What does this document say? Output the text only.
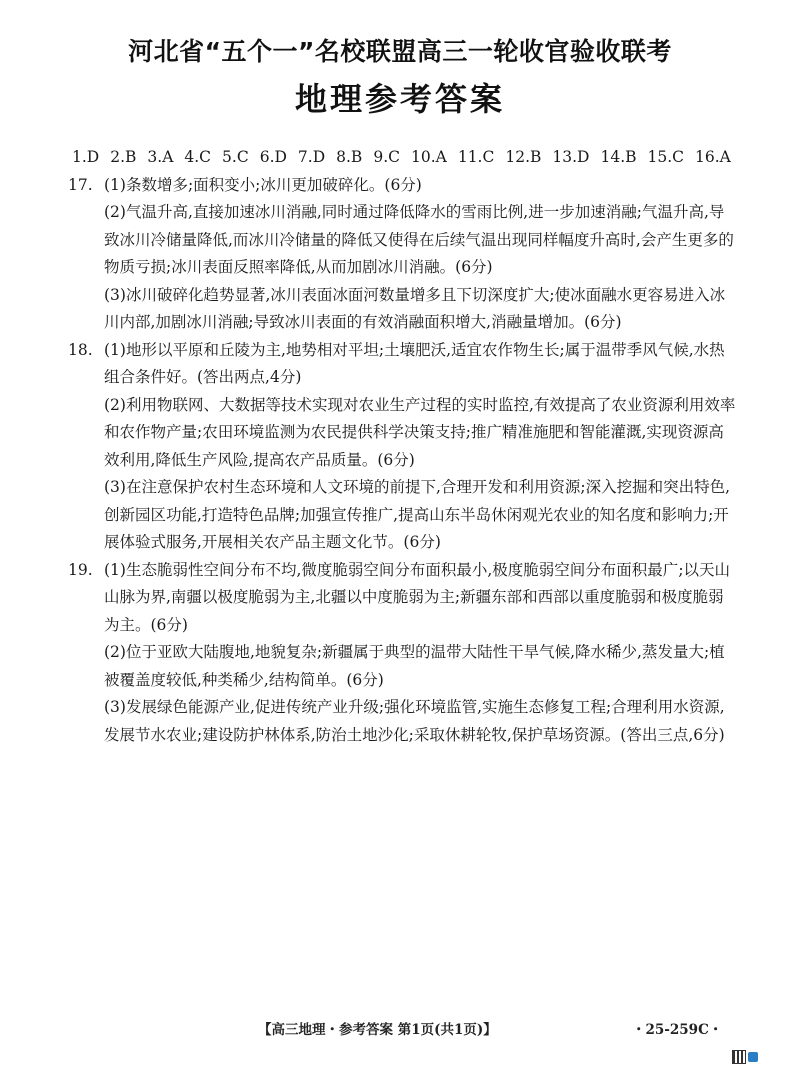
河北省“五个一”名校联盟高三一轮收官验收联考
地理参考答案
1.D 2.B 3.A 4.C 5.C 6.D 7.D 8.B 9.C 10.A 11.C 12.B 13.D 14.B 15.C 16.A
17. (1)条数增多;面积变小;冰川更加破碎化。(6分)
(2)气温升高,直接加速冰川消融,同时通过降低降水的雪雨比例,进一步加速消融;气温升高,导致冰川冷储量降低,而冰川冷储量的降低又使得在后续气温出现同样幅度升高时,会产生更多的物质亏损;冰川表面反照率降低,从而加剧冰川消融。(6分)
(3)冰川破碎化趋势显著,冰川表面冰面河数量增多且下切深度扩大;使冰面融水更容易进入冰川内部,加剧冰川消融;导致冰川表面的有效消融面积增大,消融量增加。(6分)
18. (1)地形以平原和丘陵为主,地势相对平坦;土壤肥沃,适宜农作物生长;属于温带季风气候,水热组合条件好。(答出两点,4分)
(2)利用物联网、大数据等技术实现对农业生产过程的实时监控,有效提高了农业资源利用效率和农作物产量;农田环境监测为农民提供科学决策支持;推广精准施肥和智能灌溉,实现资源高效利用,降低生产风险,提高农产品质量。(6分)
(3)在注意保护农村生态环境和人文环境的前提下,合理开发和利用资源;深入挖掘和突出特色,创新园区功能,打造特色品牌;加强宣传推广,提高山东半岛休闲观光农业的知名度和影响力;开展体验式服务,开展相关农产品主题文化节。(6分)
19. (1)生态脆弱性空间分布不均,微度脆弱空间分布面积最小,极度脆弱空间分布面积最广;以天山山脉为界,南疆以极度脆弱为主,北疆以中度脆弱为主;新疆东部和西部以重度脆弱和极度脆弱为主。(6分)
(2)位于亚欧大陆腹地,地貌复杂;新疆属于典型的温带大陆性干旱气候,降水稀少,蒸发量大;植被覆盖度较低,种类稀少,结构简单。(6分)
(3)发展绿色能源产业,促进传统产业升级;强化环境监管,实施生态修复工程;合理利用水资源,发展节水农业;建设防护林体系,防治土地沙化;采取休耕轮牧,保护草场资源。(答出三点,6分)
【高三地理・参考答案 第1页(共1页)】	・25-259C・
